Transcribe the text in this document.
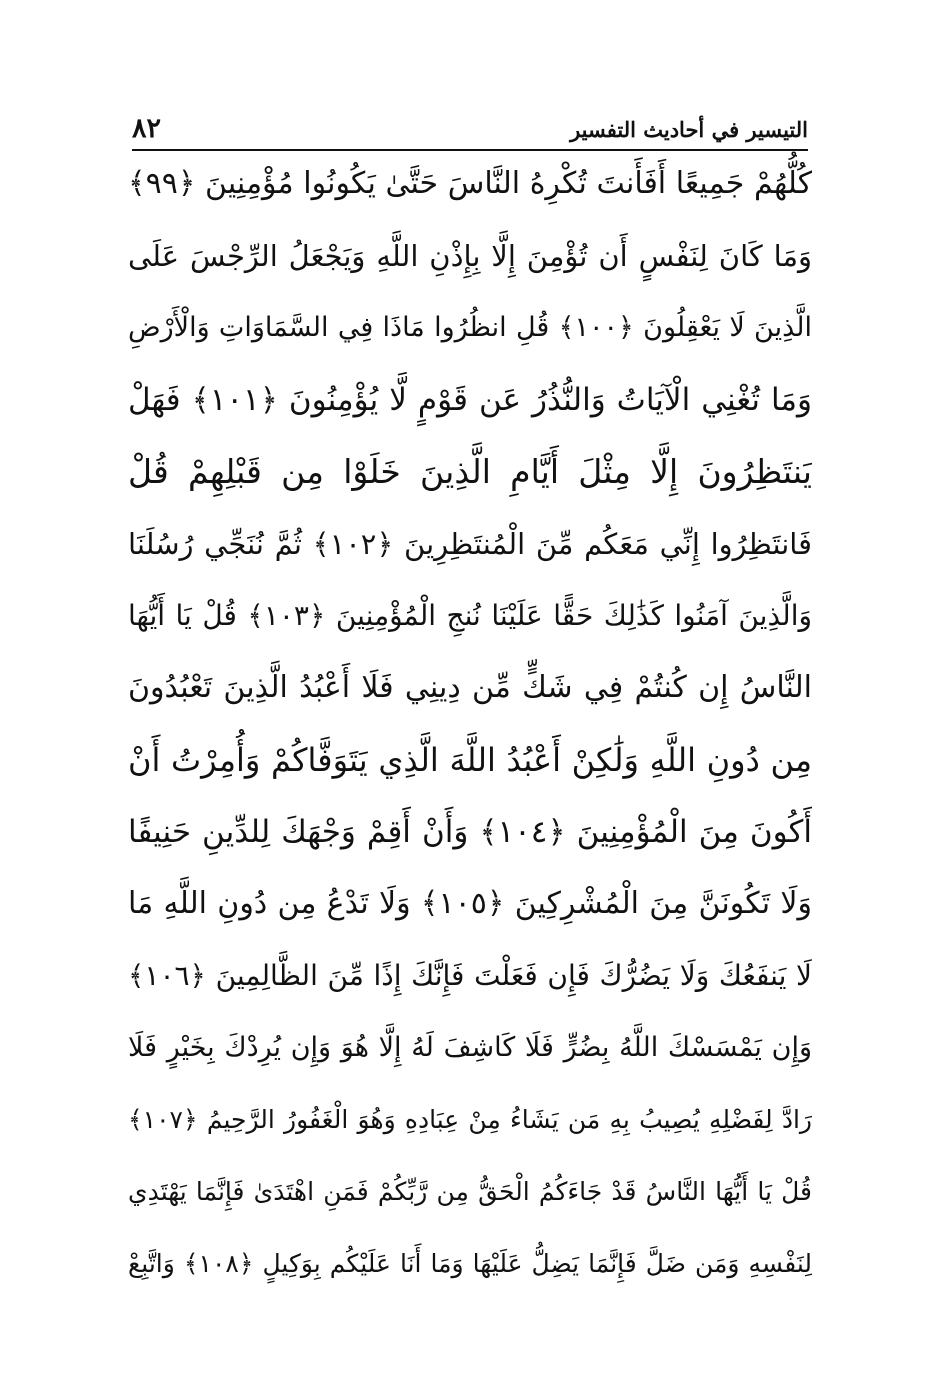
التيسير في أحاديث التفسير
٨٢
كُلُّهُمْ جَمِيعًا أَفَأَنتَ تُكْرِهُ النَّاسَ حَتَّىٰ يَكُونُوا مُؤْمِنِينَ ﴿٩٩﴾
وَمَا كَانَ لِنَفْسٍ أَن تُؤْمِنَ إِلَّا بِإِذْنِ اللَّهِ وَيَجْعَلُ الرِّجْسَ عَلَى
الَّذِينَ لَا يَعْقِلُونَ ﴿١٠٠﴾ قُلِ انظُرُوا مَاذَا فِي السَّمَاوَاتِ وَالْأَرْضِ
وَمَا تُغْنِي الْآيَاتُ وَالنُّذُرُ عَن قَوْمٍ لَّا يُؤْمِنُونَ ﴿١٠١﴾ فَهَلْ
يَنتَظِرُونَ إِلَّا مِثْلَ أَيَّامِ الَّذِينَ خَلَوْا مِن قَبْلِهِمْ قُلْ
فَانتَظِرُوا إِنِّي مَعَكُم مِّنَ الْمُنتَظِرِينَ ﴿١٠٢﴾ ثُمَّ نُنَجِّي رُسُلَنَا
وَالَّذِينَ آمَنُوا كَذَٰلِكَ حَقًّا عَلَيْنَا نُنجِ الْمُؤْمِنِينَ ﴿١٠٣﴾ قُلْ يَا أَيُّهَا
النَّاسُ إِن كُنتُمْ فِي شَكٍّ مِّن دِينِي فَلَا أَعْبُدُ الَّذِينَ تَعْبُدُونَ
مِن دُونِ اللَّهِ وَلَٰكِنْ أَعْبُدُ اللَّهَ الَّذِي يَتَوَفَّاكُمْ وَأُمِرْتُ أَنْ
أَكُونَ مِنَ الْمُؤْمِنِينَ ﴿١٠٤﴾ وَأَنْ أَقِمْ وَجْهَكَ لِلدِّينِ حَنِيفًا
وَلَا تَكُونَنَّ مِنَ الْمُشْرِكِينَ ﴿١٠٥﴾ وَلَا تَدْعُ مِن دُونِ اللَّهِ مَا
لَا يَنفَعُكَ وَلَا يَضُرُّكَ فَإِن فَعَلْتَ فَإِنَّكَ إِذًا مِّنَ الظَّالِمِينَ ﴿١٠٦﴾
وَإِن يَمْسَسْكَ اللَّهُ بِضُرٍّ فَلَا كَاشِفَ لَهُ إِلَّا هُوَ وَإِن يُرِدْكَ بِخَيْرٍ فَلَا
رَادَّ لِفَضْلِهِ يُصِيبُ بِهِ مَن يَشَاءُ مِنْ عِبَادِهِ وَهُوَ الْغَفُورُ الرَّحِيمُ ﴿١٠٧﴾
قُلْ يَا أَيُّهَا النَّاسُ قَدْ جَاءَكُمُ الْحَقُّ مِن رَّبِّكُمْ فَمَنِ اهْتَدَىٰ فَإِنَّمَا يَهْتَدِي
لِنَفْسِهِ وَمَن ضَلَّ فَإِنَّمَا يَضِلُّ عَلَيْهَا وَمَا أَنَا عَلَيْكُم بِوَكِيلٍ ﴿١٠٨﴾ وَاتَّبِعْ
